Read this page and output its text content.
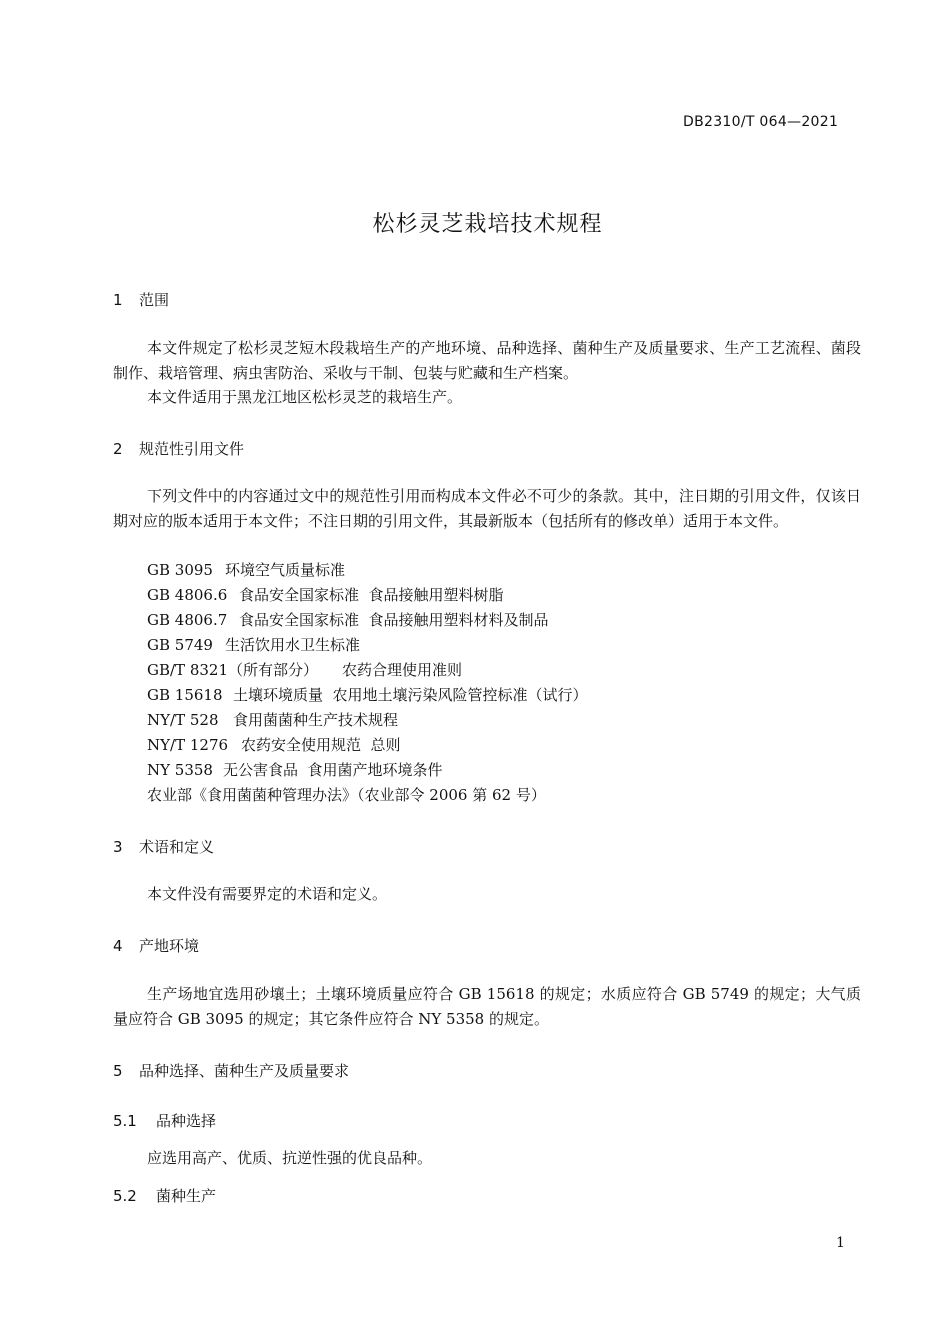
DB2310/T 064—2021
松杉灵芝栽培技术规程
1 范围
本文件规定了松杉灵芝短木段栽培生产的产地环境、品种选择、菌种生产及质量要求、生产工艺流程、菌段制作、栽培管理、病虫害防治、采收与干制、包装与贮藏和生产档案。
本文件适用于黑龙江地区松杉灵芝的栽培生产。
2 规范性引用文件
下列文件中的内容通过文中的规范性引用而构成本文件必不可少的条款。其中，注日期的引用文件，仅该日期对应的版本适用于本文件；不注日期的引用文件，其最新版本（包括所有的修改单）适用于本文件。
GB 3095 环境空气质量标准
GB 4806.6 食品安全国家标准  食品接触用塑料树脂
GB 4806.7 食品安全国家标准  食品接触用塑料材料及制品
GB 5749 生活饮用水卫生标准
GB/T 8321（所有部分） 农药合理使用准则
GB 15618 土壤环境质量  农用地土壤污染风险管控标准（试行）
NY/T 528 食用菌菌种生产技术规程
NY/T 1276 农药安全使用规范  总则
NY 5358 无公害食品  食用菌产地环境条件
农业部《食用菌菌种管理办法》（农业部令 2006 第 62 号）
3 术语和定义
本文件没有需要界定的术语和定义。
4 产地环境
生产场地宜选用砂壤土；土壤环境质量应符合 GB 15618 的规定；水质应符合 GB 5749 的规定；大气质量应符合 GB 3095 的规定；其它条件应符合 NY 5358 的规定。
5 品种选择、菌种生产及质量要求
5.1 品种选择
应选用高产、优质、抗逆性强的优良品种。
5.2 菌种生产
1
